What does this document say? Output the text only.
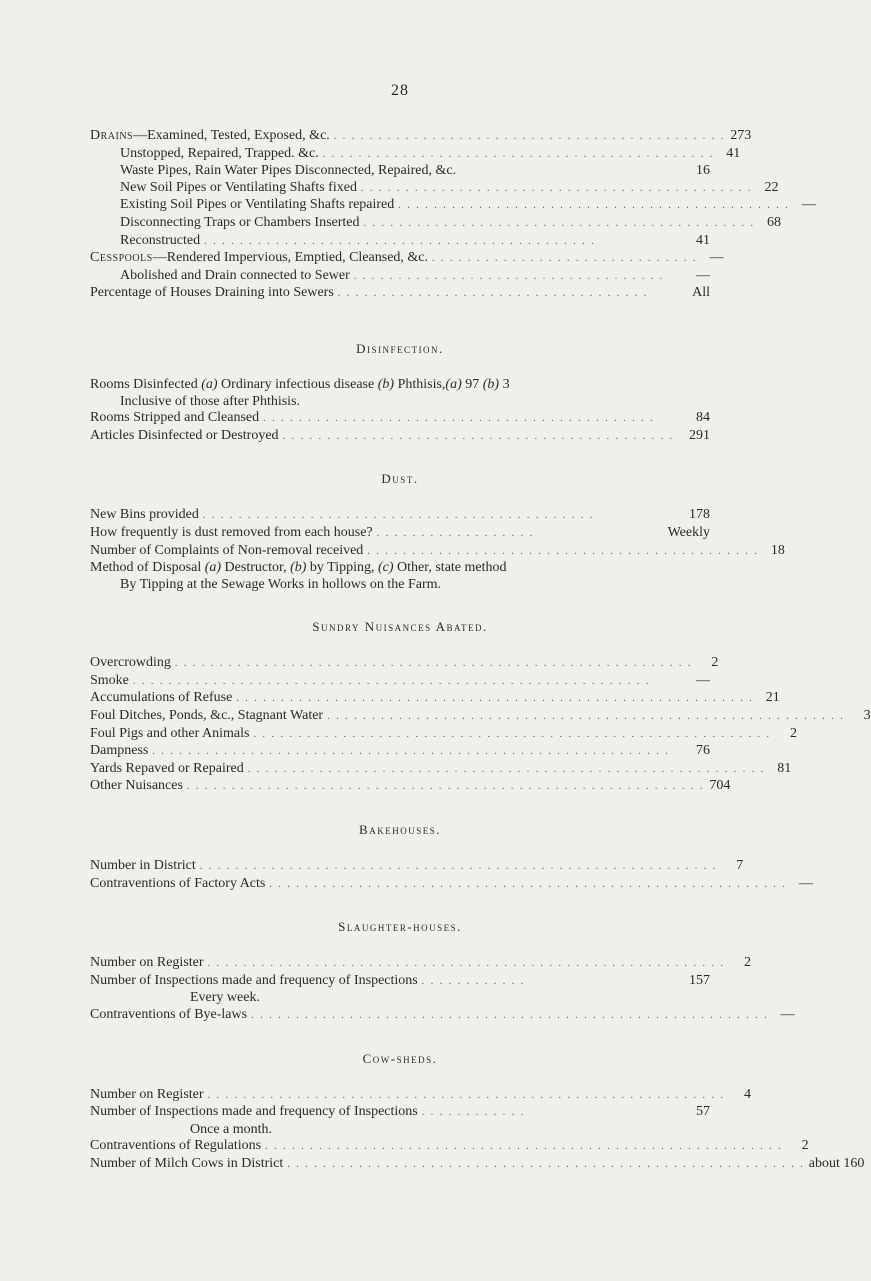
28
Drains—Examined, Tested, Exposed, &c. . . . . . . . . . . . . . . . . . . . . . . . . . . . . . . . . . . . . . . . . . . . . 273
Unstopped, Repaired, Trapped. &c. . . . . . . . . . . . . . . . . . . . . . . . . . . . . . . . . . . . . . . . . . . . . 41
Waste Pipes, Rain Water Pipes Disconnected, Repaired, &c.	16
New Soil Pipes or Ventilating Shafts fixed . . . . . . . . . . . . . . . . . . . . . . . . . . . . . . . . . . . . . . . . . . . . 22
Existing Soil Pipes or Ventilating Shafts repaired . . . . . . . . . . . . . . . . . . . . . . . . . . . . . . . . . . . . . . . . . . . . —
Disconnecting Traps or Chambers Inserted . . . . . . . . . . . . . . . . . . . . . . . . . . . . . . . . . . . . . . . . . . . . 68
Reconstructed . . . . . . . . . . . . . . . . . . . . . . . . . . . . . . . . . . . . . . . . . . . .	41
Cesspools—Rendered Impervious, Emptied, Cleansed, &c. . . . . . . . . . . . . . . . . . . . . . . . . . . . . . . —
Abolished and Drain connected to Sewer . . . . . . . . . . . . . . . . . . . . . . . . . . . . . . . . . . .	—
Percentage of Houses Draining into Sewers . . . . . . . . . . . . . . . . . . . . . . . . . . . . . . . . . . .	All
Disinfection.
Rooms Disinfected (a) Ordinary infectious disease (b) Phthisis,(a) 97 (b) 3
Inclusive of those after Phthisis.
Rooms Stripped and Cleansed . . . . . . . . . . . . . . . . . . . . . . . . . . . . . . . . . . . . . . . . . . . .	84
Articles Disinfected or Destroyed . . . . . . . . . . . . . . . . . . . . . . . . . . . . . . . . . . . . . . . . . . . .	291
Dust.
New Bins provided . . . . . . . . . . . . . . . . . . . . . . . . . . . . . . . . . . . . . . . . . . . .	178
How frequently is dust removed from each house? . . . . . . . . . . . . . . . . . .	Weekly
Number of Complaints of Non-removal received . . . . . . . . . . . . . . . . . . . . . . . . . . . . . . . . . . . . . . . . . . . . 18
Method of Disposal (a) Destructor, (b) by Tipping, (c) Other, state method
By Tipping at the Sewage Works in hollows on the Farm.
Sundry Nuisances Abated.
Overcrowding . . . . . . . . . . . . . . . . . . . . . . . . . . . . . . . . . . . . . . . . . . . . . . . . . . . . . . . . . .	2
Smoke . . . . . . . . . . . . . . . . . . . . . . . . . . . . . . . . . . . . . . . . . . . . . . . . . . . . . . . . . .	—
Accumulations of Refuse . . . . . . . . . . . . . . . . . . . . . . . . . . . . . . . . . . . . . . . . . . . . . . . . . . . . . . . . . . 21
Foul Ditches, Ponds, &c., Stagnant Water . . . . . . . . . . . . . . . . . . . . . . . . . . . . . . . . . . . . . . . . . . . . . . . . . . . . . . . . . .	3
Foul Pigs and other Animals . . . . . . . . . . . . . . . . . . . . . . . . . . . . . . . . . . . . . . . . . . . . . . . . . . . . . . . . . .	2
Dampness . . . . . . . . . . . . . . . . . . . . . . . . . . . . . . . . . . . . . . . . . . . . . . . . . . . . . . . . . .	76
Yards Repaved or Repaired . . . . . . . . . . . . . . . . . . . . . . . . . . . . . . . . . . . . . . . . . . . . . . . . . . . . . . . . . . 81
Other Nuisances . . . . . . . . . . . . . . . . . . . . . . . . . . . . . . . . . . . . . . . . . . . . . . . . . . . . . . . . . . 704
Bakehouses.
Number in District . . . . . . . . . . . . . . . . . . . . . . . . . . . . . . . . . . . . . . . . . . . . . . . . . . . . . . . . . .	7
Contraventions of Factory Acts . . . . . . . . . . . . . . . . . . . . . . . . . . . . . . . . . . . . . . . . . . . . . . . . . . . . . . . . . . —
Slaughter-houses.
Number on Register . . . . . . . . . . . . . . . . . . . . . . . . . . . . . . . . . . . . . . . . . . . . . . . . . . . . . . . . . .	2
Number of Inspections made and frequency of Inspections . . . . . . . . . . . .	157
Every week.
Contraventions of Bye-laws . . . . . . . . . . . . . . . . . . . . . . . . . . . . . . . . . . . . . . . . . . . . . . . . . . . . . . . . . . —
Cow-sheds.
Number on Register . . . . . . . . . . . . . . . . . . . . . . . . . . . . . . . . . . . . . . . . . . . . . . . . . . . . . . . . . .	4
Number of Inspections made and frequency of Inspections . . . . . . . . . . . .	57
Once a month.
Contraventions of Regulations . . . . . . . . . . . . . . . . . . . . . . . . . . . . . . . . . . . . . . . . . . . . . . . . . . . . . . . . . .	2
Number of Milch Cows in District . . . . . . . . . . . . . . . . . . . . . . . . . . . . . . . . . . . . . . . . . . . . . . . . . . . . . . . . . . about 160
